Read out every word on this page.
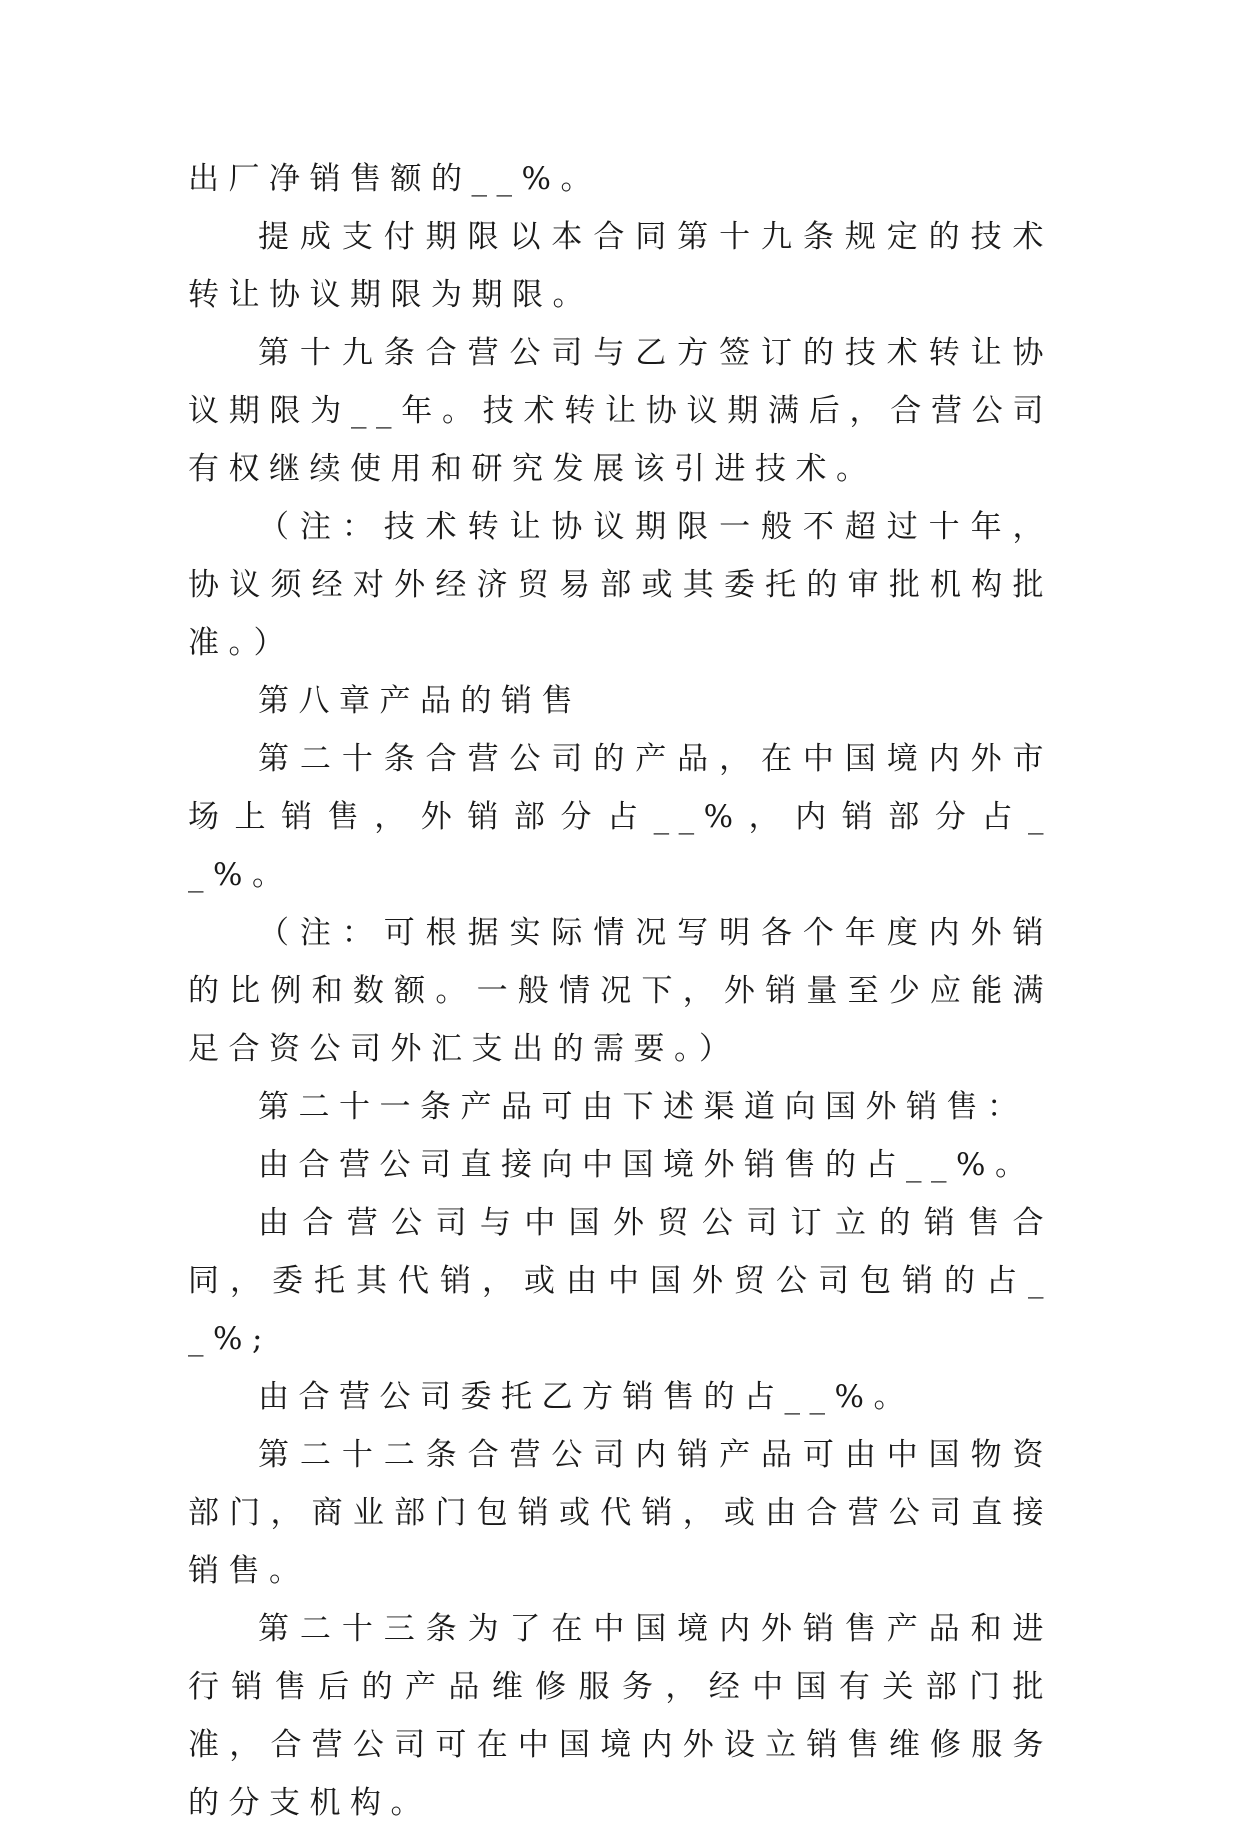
出厂净销售额的__%。

提成支付期限以本合同第十九条规定的技术转让协议期限为期限。

第十九条合营公司与乙方签订的技术转让协议期限为__年。技术转让协议期满后，合营公司有权继续使用和研究发展该引进技术。

（注：技术转让协议期限一般不超过十年，协议须经对外经济贸易部或其委托的审批机构批准。）

第八章产品的销售

第二十条合营公司的产品，在中国境内外市场上销售，外销部分占__%，内销部分占__%。

（注：可根据实际情况写明各个年度内外销的比例和数额。一般情况下，外销量至少应能满足合资公司外汇支出的需要。）

第二十一条产品可由下述渠道向国外销售：

由合营公司直接向中国境外销售的占__%。

由合营公司与中国外贸公司订立的销售合同，委托其代销，或由中国外贸公司包销的占__%;

由合营公司委托乙方销售的占__%。

第二十二条合营公司内销产品可由中国物资部门，商业部门包销或代销，或由合营公司直接销售。

第二十三条为了在中国境内外销售产品和进行销售后的产品维修服务，经中国有关部门批准，合营公司可在中国境内外设立销售维修服务的分支机构。
